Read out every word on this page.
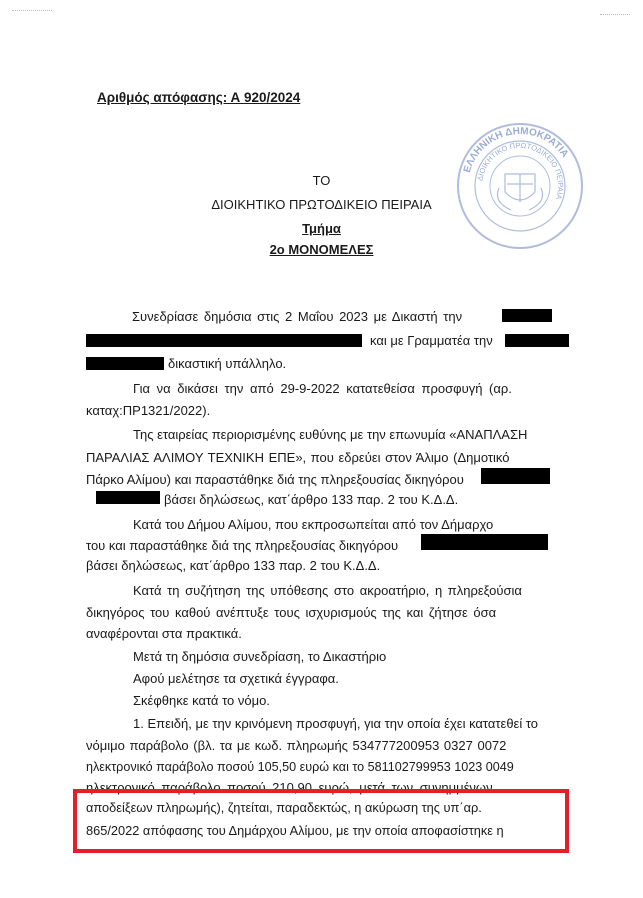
Αριθμός απόφασης: Α 920/2024
ΕΛΛΗΝΙΚΗ ΔΗΜΟΚΡΑΤΙΑ
ΔΙΟΙΚΗΤΙΚΟ ΠΡΩΤΟΔΙΚΕΙΟ ΠΕΙΡΑΙΑ
ΤΟ
ΔΙΟΙΚΗΤΙΚΟ ΠΡΩΤΟΔΙΚΕΙΟ ΠΕΙΡΑΙΑ
Τμήμα
2ο ΜΟΝΟΜΕΛΕΣ
Συνεδρίασε δημόσια στις 2 Μαΐου 2023 με Δικαστή την
και με Γραμματέα την
δικαστική υπάλληλο.
Για να δικάσει την από 29-9-2022 κατατεθείσα προσφυγή (αρ.
καταχ:ΠΡ1321/2022).
Της εταιρείας περιορισμένης ευθύνης με την επωνυμία «ΑΝΑΠΛΑΣΗ
ΠΑΡΑΛΙΑΣ ΑΛΙΜΟΥ ΤΕΧΝΙΚΗ ΕΠΕ», που εδρεύει στον Άλιμο (Δημοτικό
Πάρκο Αλίμου) και παραστάθηκε διά της πληρεξουσίας δικηγόρου
βάσει δηλώσεως, κατ΄άρθρο 133 παρ. 2 του Κ.Δ.Δ.
Κατά του Δήμου Αλίμου, που εκπροσωπείται από τον Δήμαρχο
του και παραστάθηκε διά της πληρεξουσίας δικηγόρου
βάσει δηλώσεως, κατ΄άρθρο 133 παρ. 2 του Κ.Δ.Δ.
Κατά τη συζήτηση της υπόθεσης στο ακροατήριο, η πληρεξούσια
δικηγόρος του καθού ανέπτυξε τους ισχυρισμούς της και ζήτησε όσα
αναφέρονται στα πρακτικά.
Μετά τη δημόσια συνεδρίαση, το Δικαστήριο
Αφού μελέτησε τα σχετικά έγγραφα.
Σκέφθηκε κατά το νόμο.
1. Επειδή, με την κρινόμενη προσφυγή, για την οποία έχει κατατεθεί το
νόμιμο παράβολο (βλ. τα με κωδ. πληρωμής 534777200953 0327 0072
ηλεκτρονικό παράβολο ποσού 105,50 ευρώ και το 581102799953 1023 0049
ηλεκτρονικό παράβολο ποσού 210,90 ευρώ, μετά των συνημμένων
αποδείξεων πληρωμής), ζητείται, παραδεκτώς, η ακύρωση της υπ΄αρ.
865/2022 απόφασης του Δημάρχου Αλίμου, με την οποία αποφασίστηκε η
